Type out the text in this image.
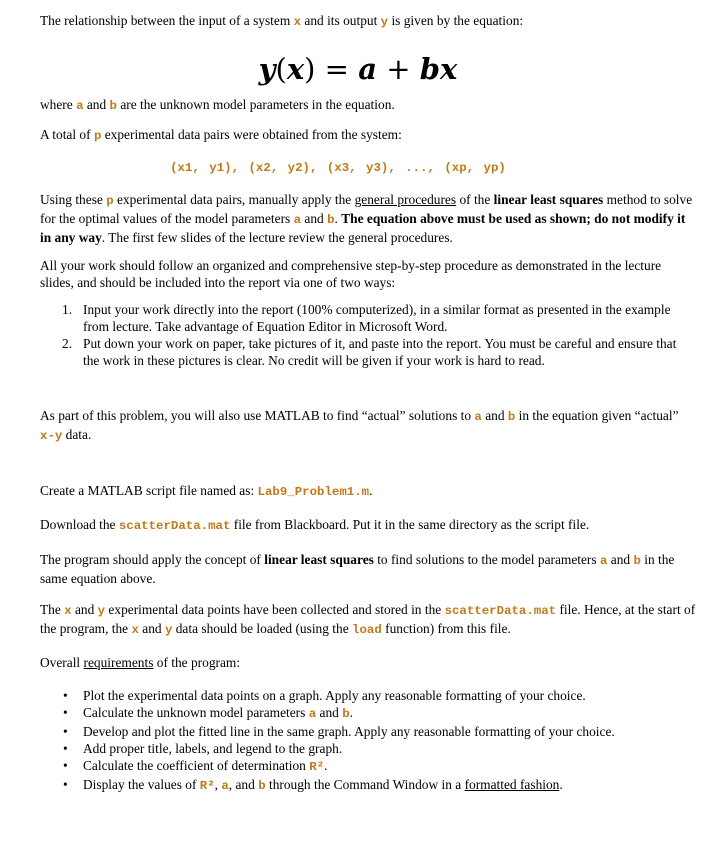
The relationship between the input of a system x and its output y is given by the equation:

y(x) = a + bx

where a and b are the unknown model parameters in the equation.

A total of p experimental data pairs were obtained from the system:

(x1, y1), (x2, y2), (x3, y3), ..., (xp, yp)

Using these p experimental data pairs, manually apply the general procedures of the linear least squares method to solve for the optimal values of the model parameters a and b. The equation above must be used as shown; do not modify it in any way. The first few slides of the lecture review the general procedures.

All your work should follow an organized and comprehensive step-by-step procedure as demonstrated in the lecture slides, and should be included into the report via one of two ways:

1. Input your work directly into the report (100% computerized), in a similar format as presented in the example from lecture. Take advantage of Equation Editor in Microsoft Word.
2. Put down your work on paper, take pictures of it, and paste into the report. You must be careful and ensure that the work in these pictures is clear. No credit will be given if your work is hard to read.

As part of this problem, you will also use MATLAB to find “actual” solutions to a and b in the equation given “actual” x-y data.

Create a MATLAB script file named as: Lab9_Problem1.m.

Download the scatterData.mat file from Blackboard. Put it in the same directory as the script file.

The program should apply the concept of linear least squares to find solutions to the model parameters a and b in the same equation above.

The x and y experimental data points have been collected and stored in the scatterData.mat file. Hence, at the start of the program, the x and y data should be loaded (using the load function) from this file.

Overall requirements of the program:

• Plot the experimental data points on a graph. Apply any reasonable formatting of your choice.
• Calculate the unknown model parameters a and b.
• Develop and plot the fitted line in the same graph. Apply any reasonable formatting of your choice.
• Add proper title, labels, and legend to the graph.
• Calculate the coefficient of determination R².
• Display the values of R², a, and b through the Command Window in a formatted fashion.
